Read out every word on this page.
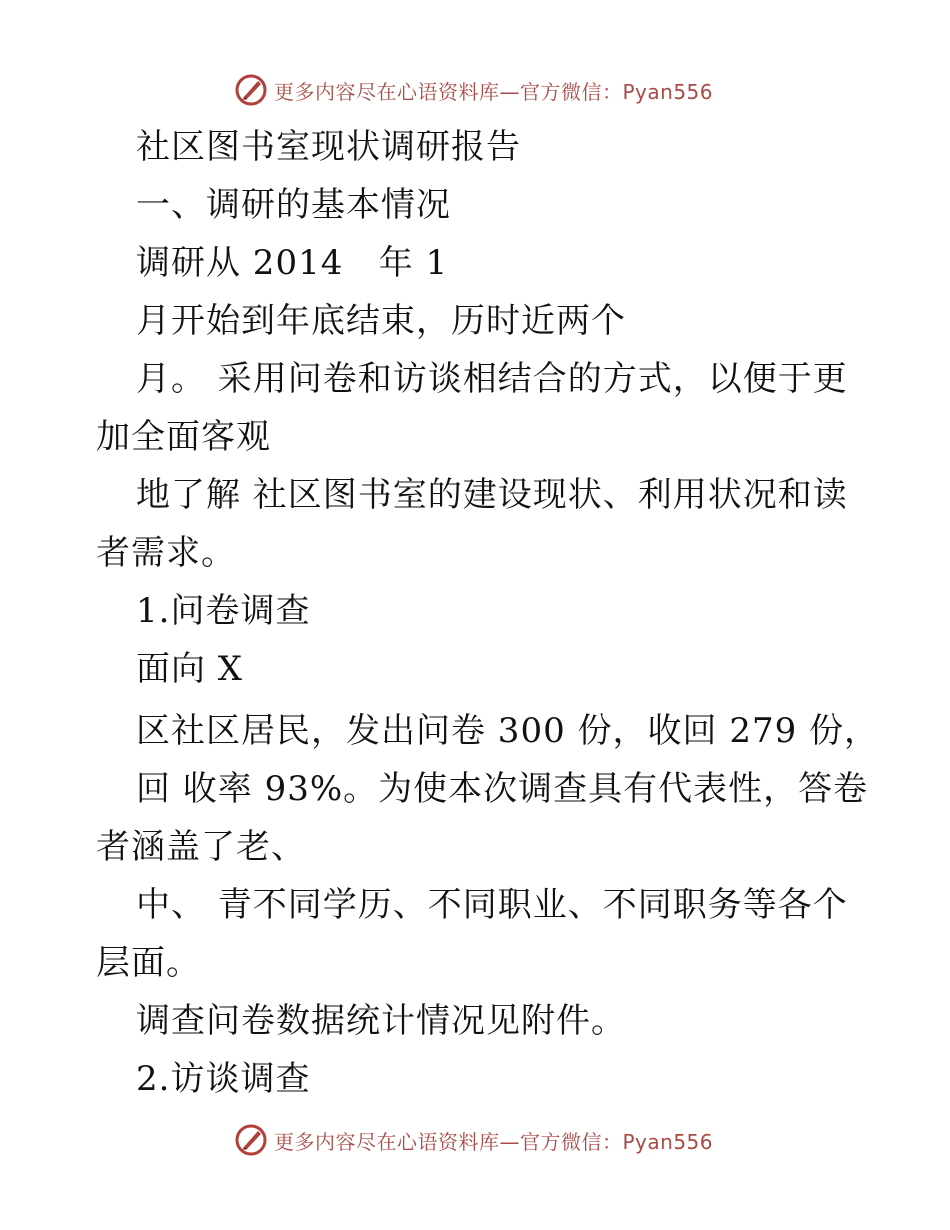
更多内容尽在心语资料库—官方微信：Pyan556
社区图书室现状调研报告
一、调研的基本情况
调研从 2014   年 1
月开始到年底结束，历时近两个
月。 采用问卷和访谈相结合的方式，以便于更
加全面客观
地了解 社区图书室的建设现状、利用状况和读
者需求。
1.问卷调查
面向 X
区社区居民，发出问卷 300 份，收回 279 份，
回 收率 93%。为使本次调查具有代表性，答卷
者涵盖了老、
中、 青不同学历、不同职业、不同职务等各个
层面。
调查问卷数据统计情况见附件。
2.访谈调查
更多内容尽在心语资料库—官方微信：Pyan556
